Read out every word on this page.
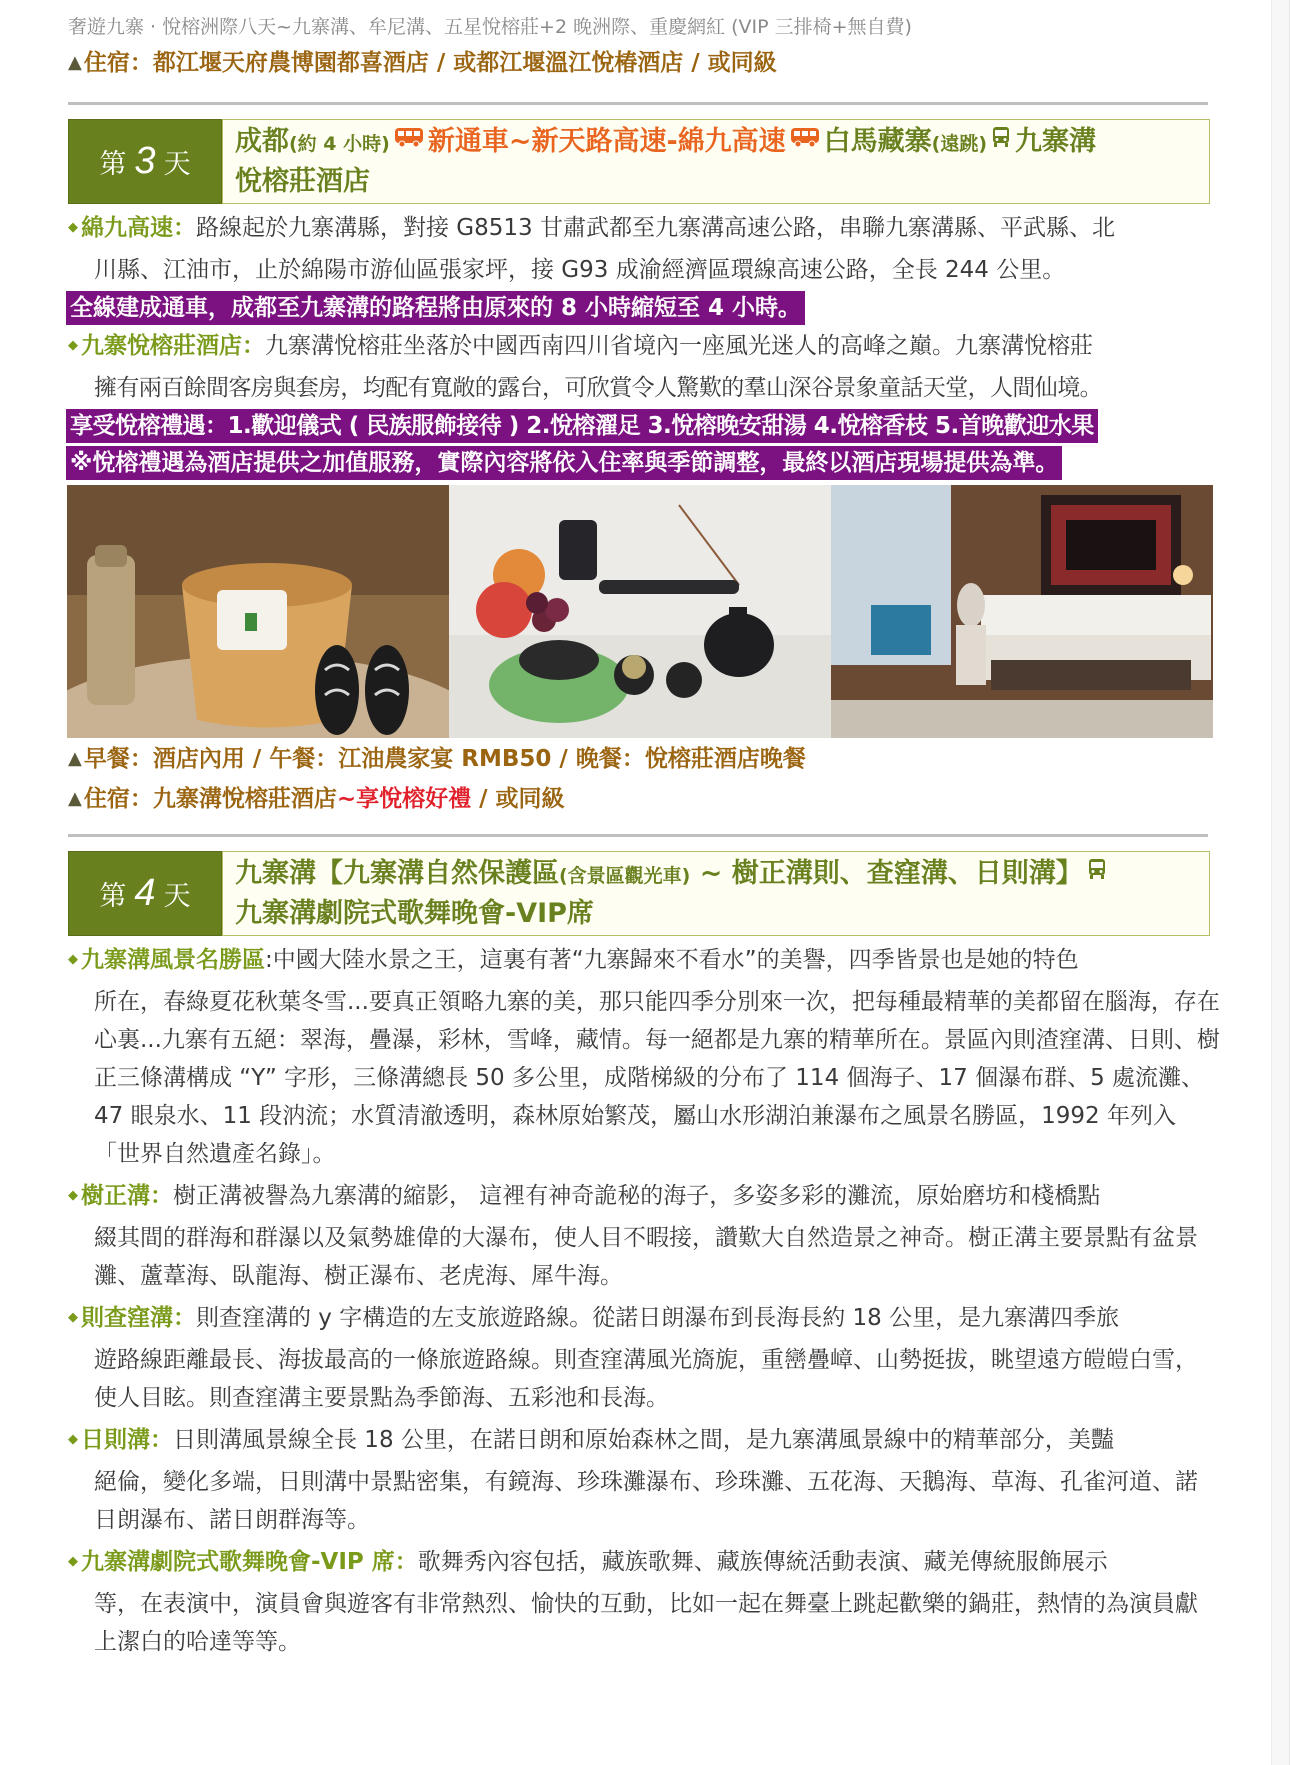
奢遊九寨 · 悅榕洲際八天~九寨溝、牟尼溝、五星悅榕莊+2 晚洲際、重慶網紅 (VIP 三排椅+無自費)
▲住宿：都江堰天府農博園都喜酒店 / 或都江堰溫江悅椿酒店 / 或同級
第 3 天
成都(約 4 小時) 新通車~新天路高速-綿九高速 白馬藏寨(遠跳) 九寨溝
悅榕莊酒店
◆ 綿九高速：路線起於九寨溝縣，對接 G8513 甘肅武都至九寨溝高速公路，串聯九寨溝縣、平武縣、北
川縣、江油市，止於綿陽市游仙區張家坪，接 G93 成渝經濟區環線高速公路，全長 244 公里。
全線建成通車，成都至九寨溝的路程將由原來的 8 小時縮短至 4 小時。
◆ 九寨悅榕莊酒店：九寨溝悅榕莊坐落於中國西南四川省境內一座風光迷人的高峰之巔。九寨溝悅榕莊
擁有兩百餘間客房與套房，均配有寬敞的露台，可欣賞令人驚歎的羣山深谷景象童話天堂，人間仙境。
享受悅榕禮遇：1.歡迎儀式 ( 民族服飾接待 ) 2.悅榕濯足 3.悅榕晚安甜湯 4.悅榕香枝 5.首晚歡迎水果
※悅榕禮遇為酒店提供之加值服務，實際內容將依入住率與季節調整，最終以酒店現場提供為準。
▲早餐：酒店內用 / 午餐：江油農家宴 RMB50 / 晚餐：悅榕莊酒店晚餐
▲住宿：九寨溝悅榕莊酒店~享悅榕好禮 / 或同級
第 4 天
九寨溝【九寨溝自然保護區(含景區觀光車) ~ 樹正溝則、查窪溝、日則溝】
九寨溝劇院式歌舞晚會-VIP席
◆ 九寨溝風景名勝區:中國大陸水景之王，這裏有著“九寨歸來不看水”的美譽，四季皆景也是她的特色
所在，春綠夏花秋葉冬雪...要真正領略九寨的美，那只能四季分別來一次，把每種最精華的美都留在腦海，存在心裏...九寨有五絕：翠海，疊瀑，彩林，雪峰，藏情。每一絕都是九寨的精華所在。景區內則渣窪溝、日則、樹正三條溝構成 “Y” 字形，三條溝總長 50 多公里，成階梯級的分布了 114 個海子、17 個瀑布群、5 處流灘、47 眼泉水、11 段汭流；水質清澈透明，森林原始繁茂，屬山水形湖泊兼瀑布之風景名勝區，1992 年列入「世界自然遺產名錄」。
◆ 樹正溝：樹正溝被譽為九寨溝的縮影， 這裡有神奇詭秘的海子，多姿多彩的灘流，原始磨坊和棧橋點
綴其間的群海和群瀑以及氣勢雄偉的大瀑布，使人目不暇接，讚歎大自然造景之神奇。樹正溝主要景點有盆景灘、蘆葦海、臥龍海、樹正瀑布、老虎海、犀牛海。
◆ 則查窪溝：則查窪溝的 y 字構造的左支旅遊路線。從諾日朗瀑布到長海長約 18 公里，是九寨溝四季旅
遊路線距離最長、海拔最高的一條旅遊路線。則查窪溝風光旖旎，重巒疊嶂、山勢挺拔，眺望遠方皚皚白雪，使人目眩。則查窪溝主要景點為季節海、五彩池和長海。
◆ 日則溝：日則溝風景線全長 18 公里，在諾日朗和原始森林之間，是九寨溝風景線中的精華部分，美豔
絕倫，變化多端，日則溝中景點密集，有鏡海、珍珠灘瀑布、珍珠灘、五花海、天鵝海、草海、孔雀河道、諾日朗瀑布、諾日朗群海等。
◆ 九寨溝劇院式歌舞晚會-VIP 席：歌舞秀內容包括，藏族歌舞、藏族傳統活動表演、藏羌傳統服飾展示
等，在表演中，演員會與遊客有非常熱烈、愉快的互動，比如一起在舞臺上跳起歡樂的鍋莊，熱情的為演員獻上潔白的哈達等等。
